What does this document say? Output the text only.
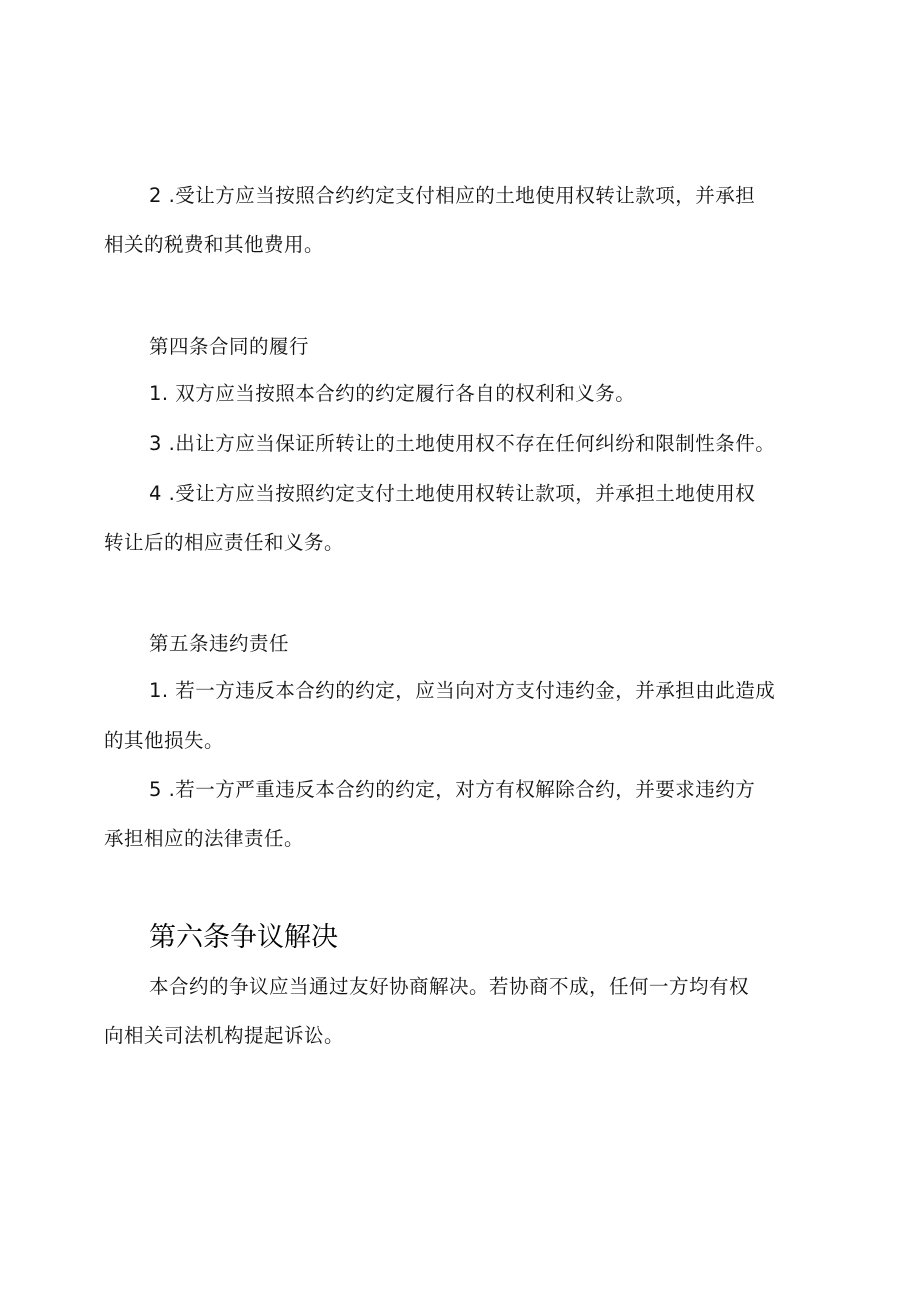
2 .受让方应当按照合约约定支付相应的土地使用权转让款项，并承担
相关的税费和其他费用。
第四条合同的履行
1. 双方应当按照本合约的约定履行各自的权利和义务。
3 .出让方应当保证所转让的土地使用权不存在任何纠纷和限制性条件。
4 .受让方应当按照约定支付土地使用权转让款项，并承担土地使用权
转让后的相应责任和义务。
第五条违约责任
1. 若一方违反本合约的约定，应当向对方支付违约金，并承担由此造成
的其他损失。
5 .若一方严重违反本合约的约定，对方有权解除合约，并要求违约方
承担相应的法律责任。
第六条争议解决
本合约的争议应当通过友好协商解决。若协商不成，任何一方均有权
向相关司法机构提起诉讼。
